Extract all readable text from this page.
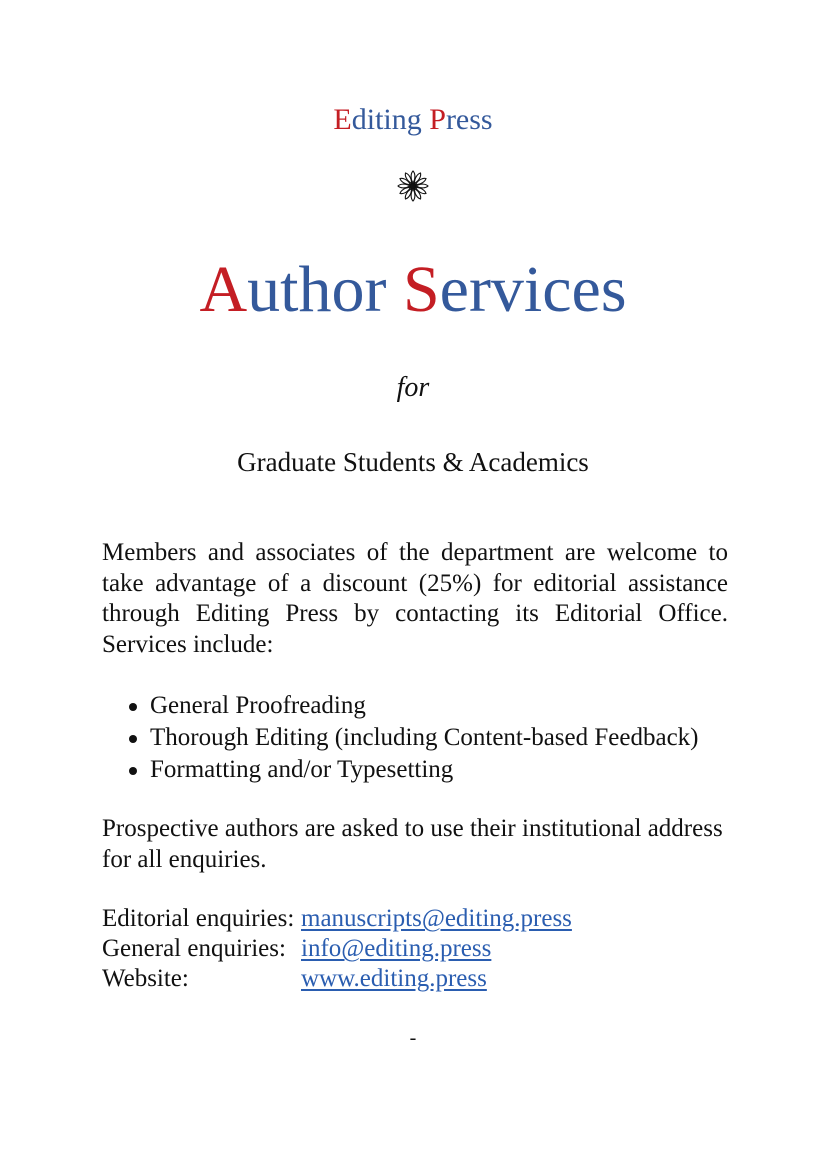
Editing Press
Author Services
for
Graduate Students & Academics

Members and associates of the department are welcome to take advantage of a discount (25%) for editorial assistance through Editing Press by contacting its Editorial Office. Services include:

General Proofreading
Thorough Editing (including Content-based Feedback)
Formatting and/or Typesetting

Prospective authors are asked to use their institutional address for all enquiries.

Editorial enquiries: manuscripts@editing.press
General enquiries: info@editing.press
Website:	www.editing.press
-
